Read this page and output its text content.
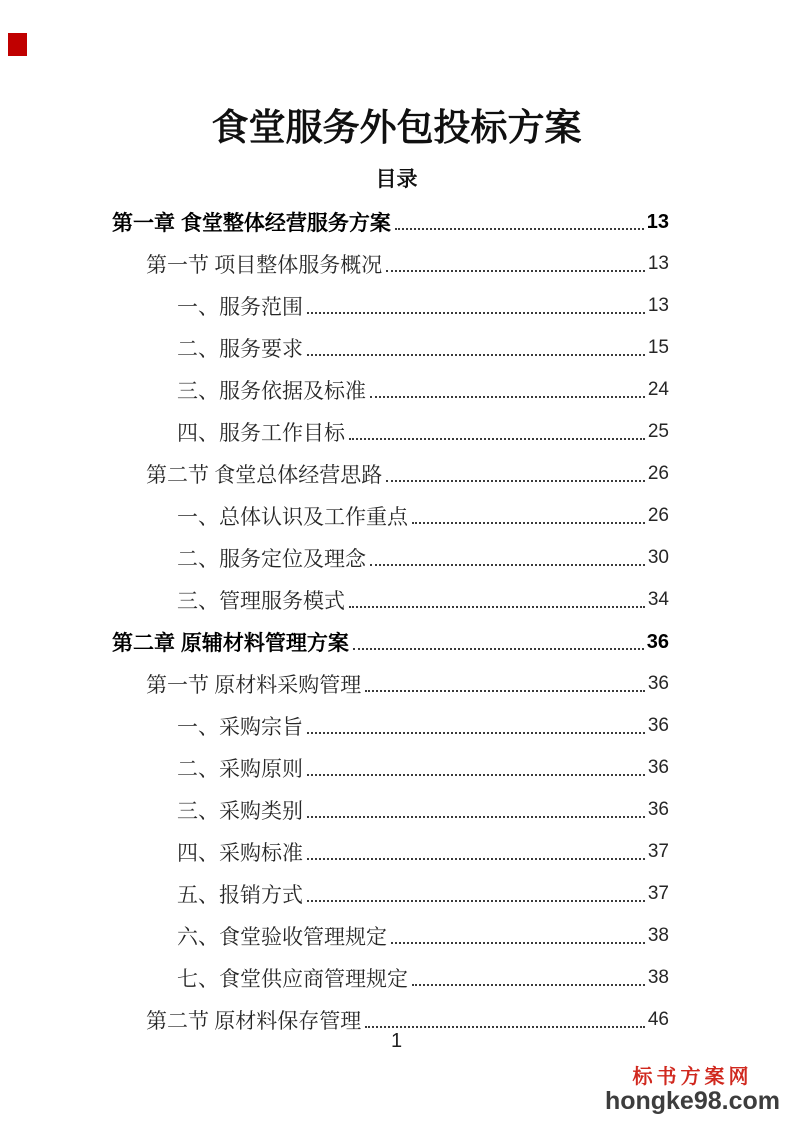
食堂服务外包投标方案
目录
第一章 食堂整体经营服务方案	13
第一节 项目整体服务概况	13
一、服务范围	13
二、服务要求	15
三、服务依据及标准	24
四、服务工作目标	25
第二节 食堂总体经营思路	26
一、总体认识及工作重点	26
二、服务定位及理念	30
三、管理服务模式	34
第二章 原辅材料管理方案	36
第一节 原材料采购管理	36
一、采购宗旨	36
二、采购原则	36
三、采购类别	36
四、采购标准	37
五、报销方式	37
六、食堂验收管理规定	38
七、食堂供应商管理规定	38
第二节 原材料保存管理	46
1
标书方案网
hongke98.com
